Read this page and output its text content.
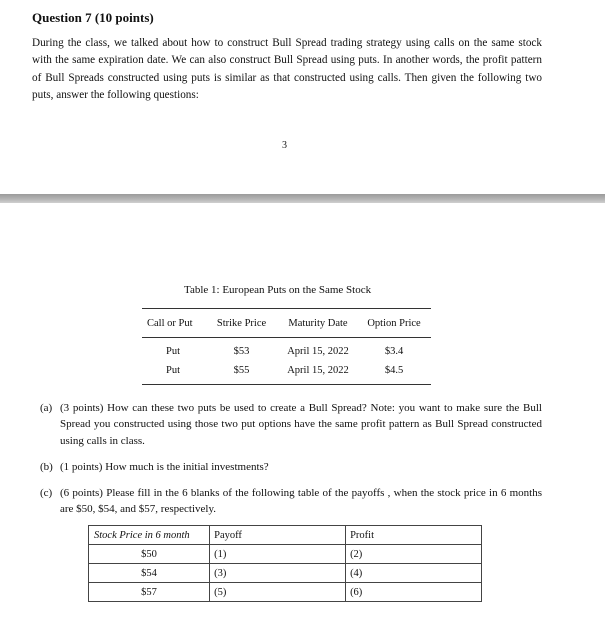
Question 7 (10 points)
During the class, we talked about how to construct Bull Spread trading strategy using calls on the same stock with the same expiration date. We can also construct Bull Spread using puts. In another words, the profit pattern of Bull Spreads constructed using puts is similar as that constructed using calls. Then given the following two puts, answer the following questions:
3
Table 1: European Puts on the Same Stock
Call or Put	Strike Price	Maturity Date	Option Price
Put	$53	April 15, 2022	$3.4
Put	$55	April 15, 2022	$4.5
(a) (3 points) How can these two puts be used to create a Bull Spread? Note: you want to make sure the Bull Spread you constructed using those two put options have the same profit pattern as Bull Spread constructed using calls in class.
(b) (1 points) How much is the initial investments?
(c) (6 points) Please fill in the 6 blanks of the following table of the payoffs , when the stock price in 6 months are $50, $54, and $57, respectively.
Stock Price in 6 month	Payoff	Profit
$50	(1)	(2)
$54	(3)	(4)
$57	(5)	(6)
